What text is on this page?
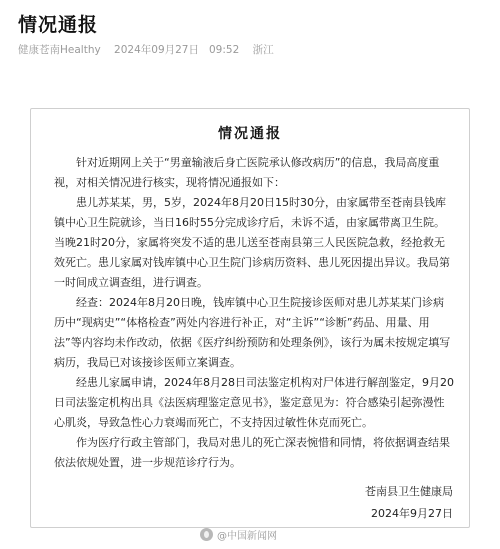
情况通报
健康苍南Healthy 2024年09月27日 09:52 浙江
情况通报
针对近期网上关于“男童输液后身亡医院承认修改病历”的信息，我局高度重视，对相关情况进行核实，现将情况通报如下：
患儿苏某某，男，5岁，2024年8月20日15时30分，由家属带至苍南县钱库镇中心卫生院就诊，当日16时55分完成诊疗后，未诉不适，由家属带离卫生院。当晚21时20分，家属将突发不适的患儿送至苍南县第三人民医院急救，经抢救无效死亡。患儿家属对钱库镇中心卫生院门诊病历资料、患儿死因提出异议。我局第一时间成立调查组，进行调查。
经查：2024年8月20日晚，钱库镇中心卫生院接诊医师对患儿苏某某门诊病历中“现病史”“体格检查”两处内容进行补正，对“主诉”“诊断”药品、用量、用法”等内容均未作改动，依据《医疗纠纷预防和处理条例》，该行为属未按规定填写病历，我局已对该接诊医师立案调查。
经患儿家属申请，2024年8月28日司法鉴定机构对尸体进行解剖鉴定，9月20日司法鉴定机构出具《法医病理鉴定意见书》，鉴定意见为：符合感染引起弥漫性心肌炎，导致急性心力衰竭而死亡，不支持因过敏性休克而死亡。
作为医疗行政主管部门，我局对患儿的死亡深表惋惜和同情，将依据调查结果依法依规处置，进一步规范诊疗行为。
苍南县卫生健康局
2024年9月27日
@中国新闻网
